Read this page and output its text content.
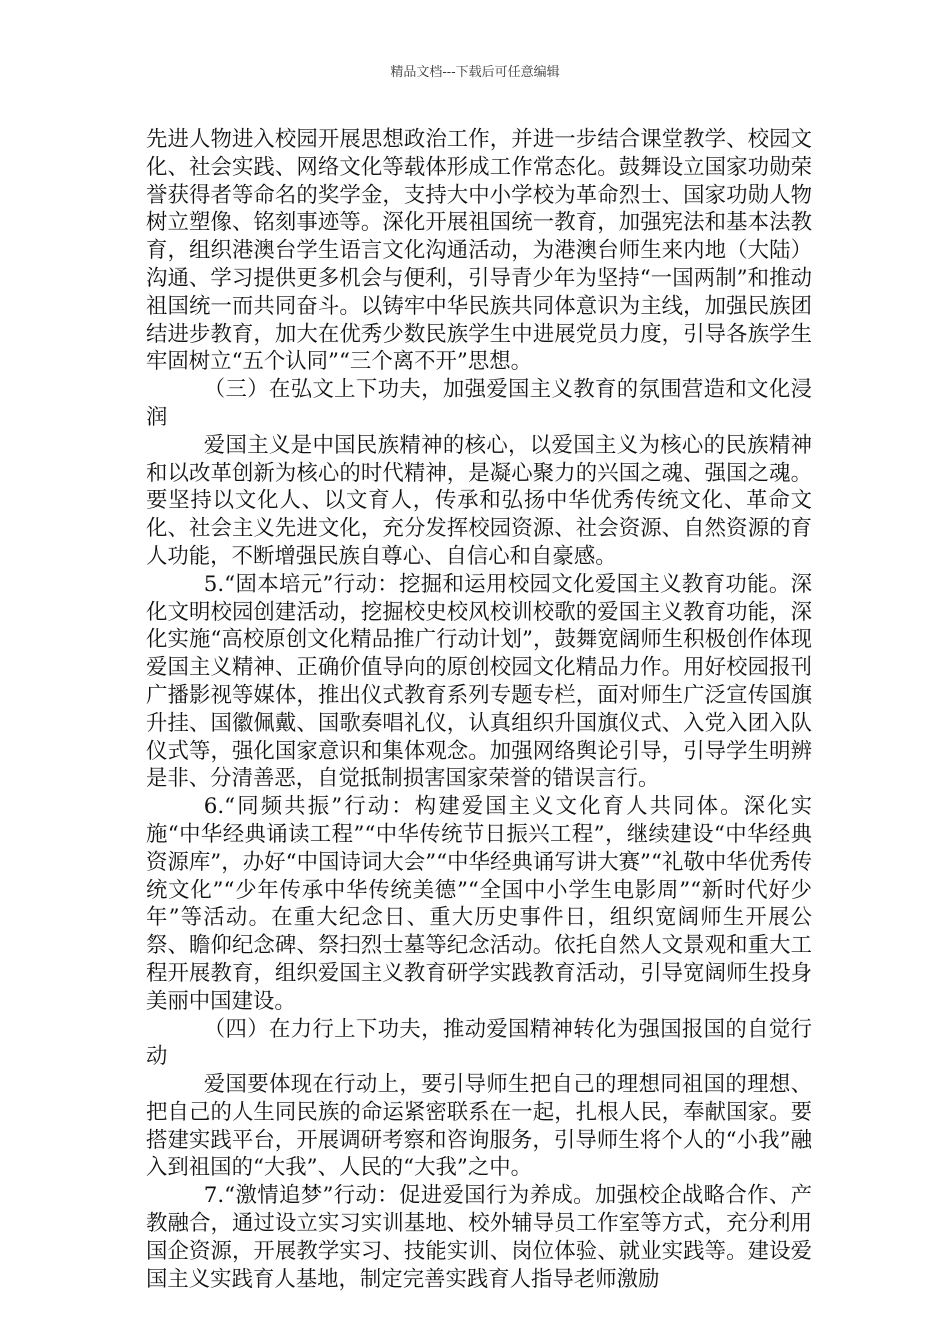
精品文档---下载后可任意编辑

先进人物进入校园开展思想政治工作，并进一步结合课堂教学、校园文化、社会实践、网络文化等载体形成工作常态化。鼓舞设立国家功勋荣誉获得者等命名的奖学金，支持大中小学校为革命烈士、国家功勋人物树立塑像、铭刻事迹等。深化开展祖国统一教育，加强宪法和基本法教育，组织港澳台学生语言文化沟通活动，为港澳台师生来内地（大陆）沟通、学习提供更多机会与便利，引导青少年为坚持“一国两制”和推动祖国统一而共同奋斗。以铸牢中华民族共同体意识为主线，加强民族团结进步教育，加大在优秀少数民族学生中进展党员力度，引导各族学生牢固树立“五个认同”“三个离不开”思想。

（三）在弘文上下功夫，加强爱国主义教育的氛围营造和文化浸润

爱国主义是中国民族精神的核心，以爱国主义为核心的民族精神和以改革创新为核心的时代精神，是凝心聚力的兴国之魂、强国之魂。要坚持以文化人、以文育人，传承和弘扬中华优秀传统文化、革命文化、社会主义先进文化，充分发挥校园资源、社会资源、自然资源的育人功能，不断增强民族自尊心、自信心和自豪感。

5.“固本培元”行动：挖掘和运用校园文化爱国主义教育功能。深化文明校园创建活动，挖掘校史校风校训校歌的爱国主义教育功能，深化实施“高校原创文化精品推广行动计划”，鼓舞宽阔师生积极创作体现爱国主义精神、正确价值导向的原创校园文化精品力作。用好校园报刊广播影视等媒体，推出仪式教育系列专题专栏，面对师生广泛宣传国旗升挂、国徽佩戴、国歌奏唱礼仪，认真组织升国旗仪式、入党入团入队仪式等，强化国家意识和集体观念。加强网络舆论引导，引导学生明辨是非、分清善恶，自觉抵制损害国家荣誉的错误言行。

6.“同频共振”行动：构建爱国主义文化育人共同体。深化实施“中华经典诵读工程”“中华传统节日振兴工程”，继续建设“中华经典资源库”，办好“中国诗词大会”“中华经典诵写讲大赛”“礼敬中华优秀传统文化”“少年传承中华传统美德”“全国中小学生电影周”“新时代好少年”等活动。在重大纪念日、重大历史事件日，组织宽阔师生开展公祭、瞻仰纪念碑、祭扫烈士墓等纪念活动。依托自然人文景观和重大工程开展教育，组织爱国主义教育研学实践教育活动，引导宽阔师生投身美丽中国建设。

（四）在力行上下功夫，推动爱国精神转化为强国报国的自觉行动

爱国要体现在行动上，要引导师生把自己的理想同祖国的理想、把自己的人生同民族的命运紧密联系在一起，扎根人民，奉献国家。要搭建实践平台，开展调研考察和咨询服务，引导师生将个人的“小我”融入到祖国的“大我”、人民的“大我”之中。

7.“激情追梦”行动：促进爱国行为养成。加强校企战略合作、产教融合，通过设立实习实训基地、校外辅导员工作室等方式，充分利用国企资源，开展教学实习、技能实训、岗位体验、就业实践等。建设爱国主义实践育人基地，制定完善实践育人指导老师激励
